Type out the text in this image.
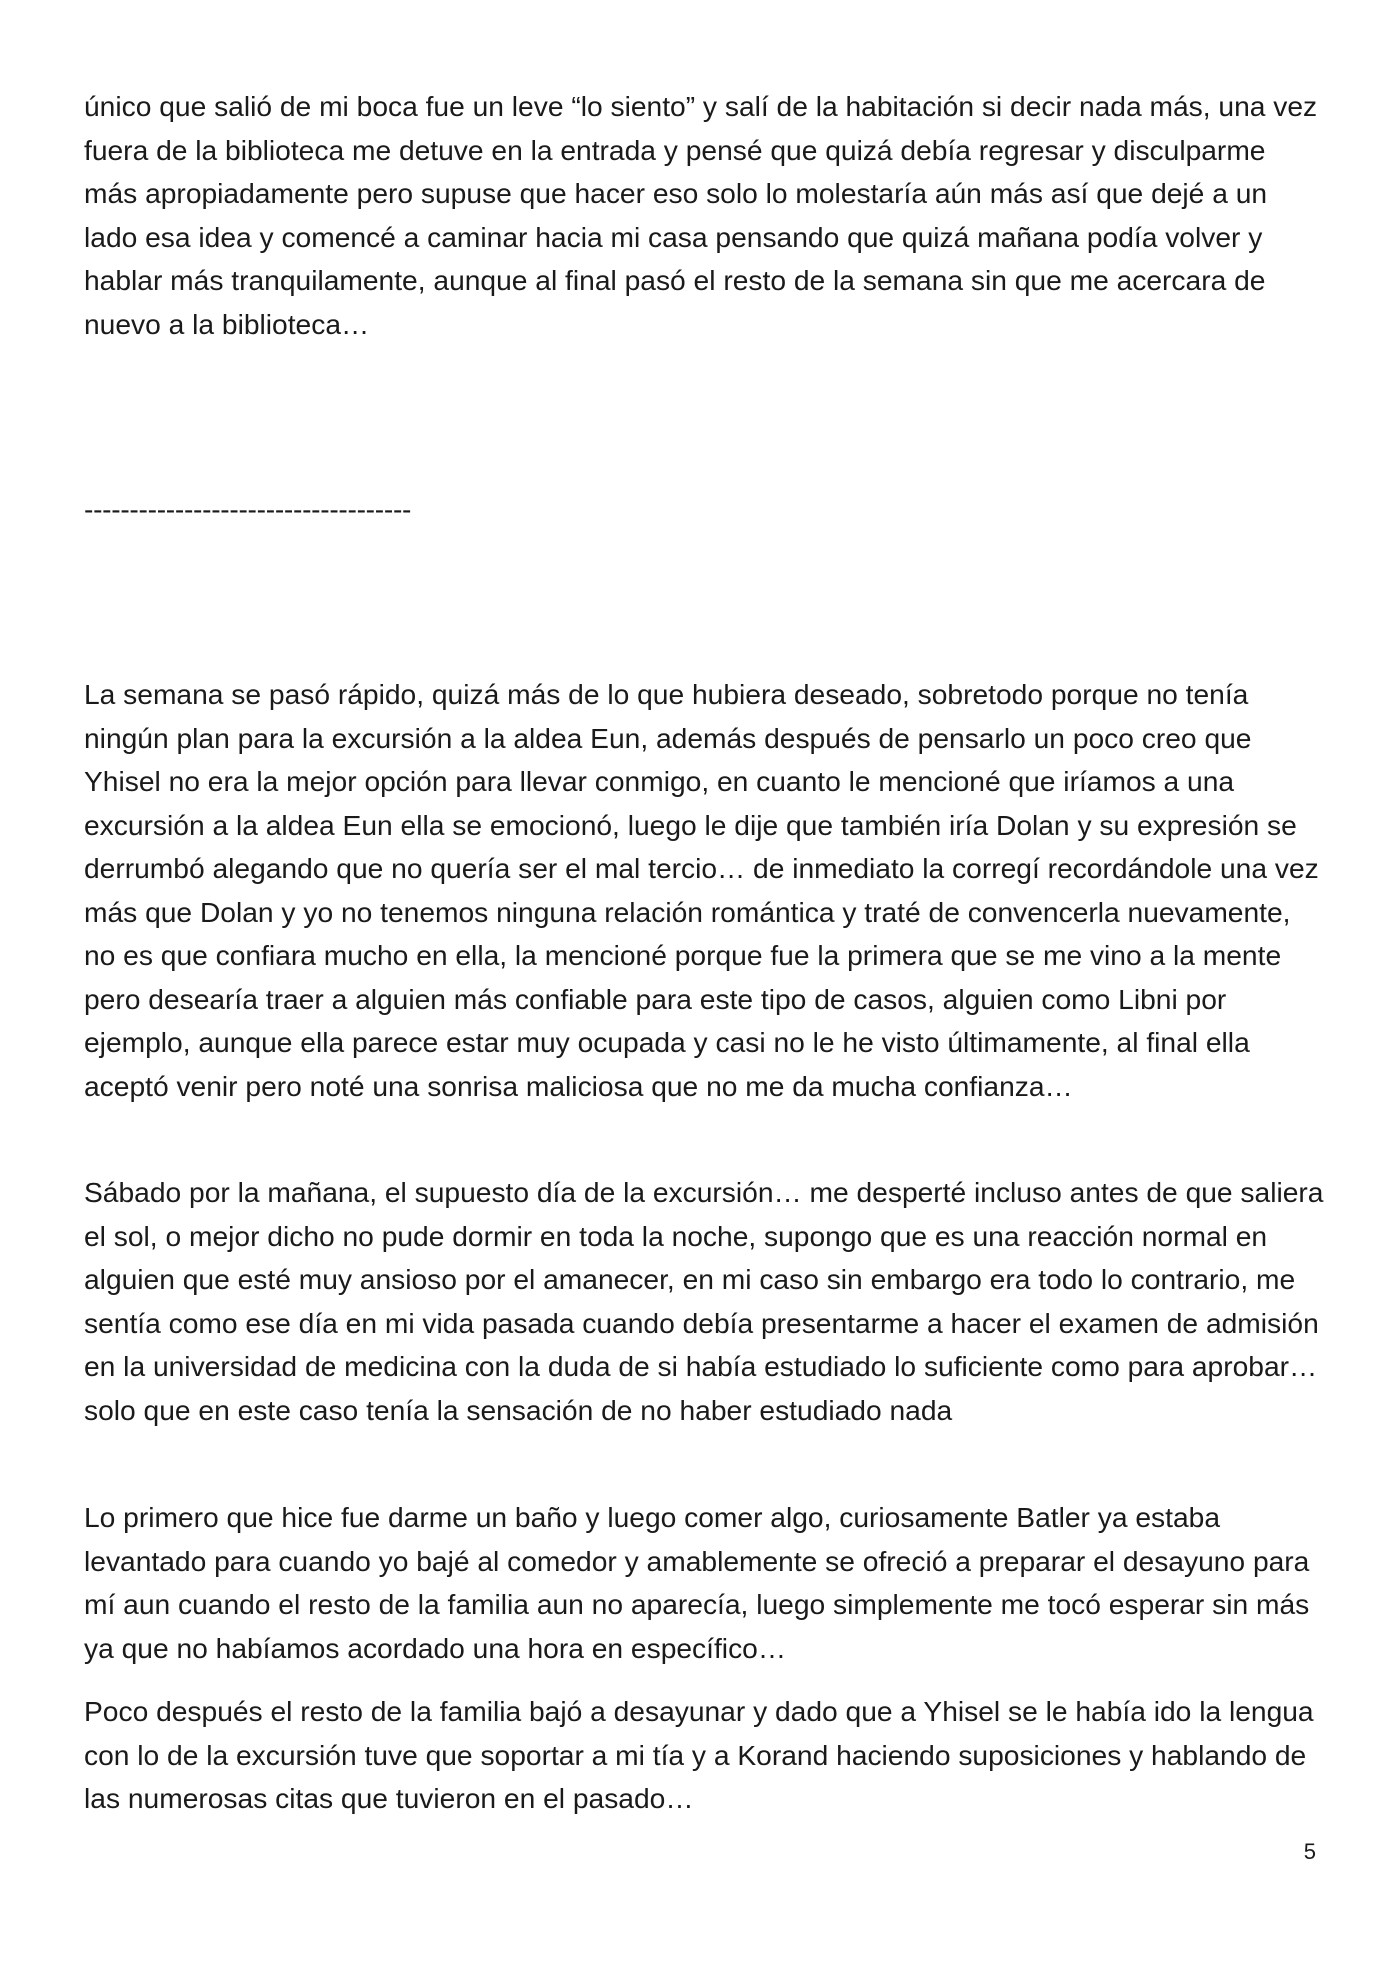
único que salió de mi boca fue un leve “lo siento” y salí de la habitación si decir nada más, una vez fuera de la biblioteca me detuve en la entrada y pensé que quizá debía regresar y disculparme más apropiadamente pero supuse que hacer eso solo lo molestaría aún más así que dejé a un lado esa idea y comencé a caminar hacia mi casa pensando que quizá mañana podía volver y hablar más tranquilamente, aunque al final pasó el resto de la semana sin que me acercara de nuevo a la biblioteca…

------------------------------------

La semana se pasó rápido, quizá más de lo que hubiera deseado, sobretodo porque no tenía ningún plan para la excursión a la aldea Eun, además después de pensarlo un poco creo que Yhisel no era la mejor opción para llevar conmigo, en cuanto le mencioné que iríamos a una excursión a la aldea Eun ella se emocionó, luego le dije que también iría Dolan y su expresión se derrumbó alegando que no quería ser el mal tercio… de inmediato la corregí recordándole una vez más que Dolan y yo no tenemos ninguna relación romántica y traté de convencerla nuevamente, no es que confiara mucho en ella, la mencioné porque fue la primera que se me vino a la mente pero desearía traer a alguien más confiable para este tipo de casos, alguien como Libni por ejemplo, aunque ella parece estar muy ocupada y casi no le he visto últimamente, al final ella aceptó venir pero noté una sonrisa maliciosa que no me da mucha confianza…

Sábado por la mañana, el supuesto día de la excursión… me desperté incluso antes de que saliera el sol, o mejor dicho no pude dormir en toda la noche, supongo que es una reacción normal en alguien que esté muy ansioso por el amanecer, en mi caso sin embargo era todo lo contrario, me sentía como ese día en mi vida pasada cuando debía presentarme a hacer el examen de admisión en la universidad de medicina con la duda de si había estudiado lo suficiente como para aprobar… solo que en este caso tenía la sensación de no haber estudiado nada

Lo primero que hice fue darme un baño y luego comer algo, curiosamente Batler ya estaba levantado para cuando yo bajé al comedor y amablemente se ofreció a preparar el desayuno para mí aun cuando el resto de la familia aun no aparecía, luego simplemente me tocó esperar sin más ya que no habíamos acordado una hora en específico…

Poco después el resto de la familia bajó a desayunar y dado que a Yhisel se le había ido la lengua con lo de la excursión tuve que soportar a mi tía y a Korand haciendo suposiciones y hablando de las numerosas citas que tuvieron en el pasado…

5
